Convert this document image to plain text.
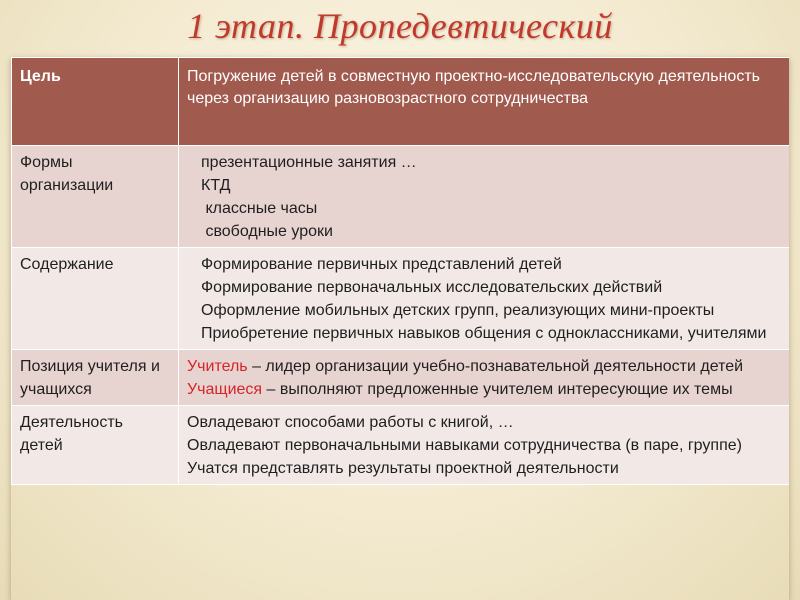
1 этап. Пропедевтический
Цель	Погружение детей в совместную проектно-исследовательскую деятельность через организацию разновозрастного сотрудничества
Формы организации	презентационные занятия …
КТД
классные часы
свободные уроки

Содержание	Формирование первичных представлений детей
Формирование первоначальных исследовательских действий
Оформление мобильных детских групп, реализующих мини-проекты
Приобретение первичных навыков общения с одноклассниками, учителями

Позиция учителя и учащихся	Учитель – лидер организации учебно-познавательной деятельности детей
Учащиеся – выполняют предложенные учителем интересующие их темы

Деятельность детей	Овладевают способами работы с книгой, …
Овладевают первоначальными навыками сотрудничества (в паре, группе)
Учатся представлять результаты проектной деятельности
